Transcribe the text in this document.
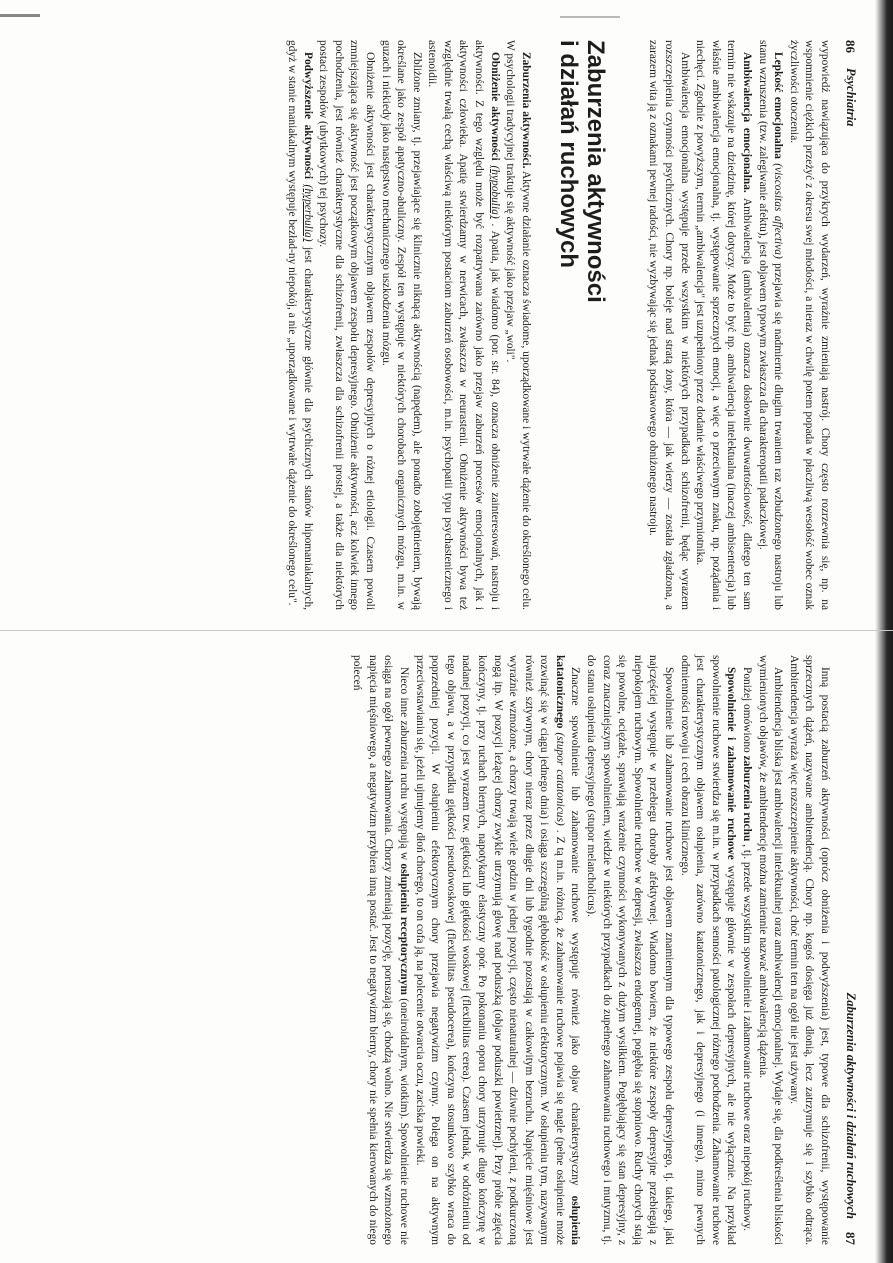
86
Psychiatria

wypowiedź nawiązująca do przykrych wydarzeń, wyraźnie zmieniają nastrój. Chory często rozrzewnia się, np. na wspomnienie ciężkich przeżyć z okresu swej młodości, a nieraz w chwilę potem popada w płaczliwą wesołość wobec oznak życzliwości otoczenia.

Lepkość emocjonalna (viscositas affectiva) przejawia się nadmiernie długim trwaniem raz wzbudzonego nastroju lub stanu wzruszenia (tzw. zalegiwanie afektu), jest objawem typowym zwłaszcza dla charakteropatii padaczkowej.

Ambiwalencja emocjonalna. Ambiwalencja (ambivalentia) oznacza dosłownie dwuwartościowość, dlatego ten sam termin nie wskazuje na dziedzinę, której dotyczy. Może to być np. ambiwalencja intelektualna (inaczej ambisentencja) lub właśnie ambiwalencja emocjonalna, tj. występowanie sprzecznych emocji, a więc o przeciwnym znaku, np. pożądania i niechęci. Zgodnie z powyższym, termin „ambiwalencja" jest uzupełniony przez dodanie właściwego przymiotnika.

Ambiwalencja emocjonalna występuje przede wszystkim w niektórych przypadkach schizofrenii, będąc wyrazem rozszczepienia czynności psychicznych. Chory np. bolejе nad stratą żony, która — jak wierzy — została zgładzona, a zarazem wita ją z oznakami pewnej radości, nie wyzbywając się jednak podstawowego obniżonego nastroju.

Zaburzenia aktywności
i działań ruchowych

Zaburzenia aktywności. Aktywne działanie oznacza świadome, uporządkowane i wytrwałe dążenie do określonego celu. W psychologii tradycyjnej traktuje się aktywność jako przejaw „woli".

Obniżenie aktywności (hypobulia) . Apatia, jak wiadomo (por. str. 84), oznacza obniżenie zainteresowań, nastroju i aktywności. Z tego względu może być rozpatrywana zarówno jako przejaw zaburzeń procesów emocjonalnych, jak i aktywności człowieka. Apatię stwierdzamy w nerwicach, zwłaszcza w neurastenii. Obniżenie aktywności bywa też względnie trwałą cechą właściwą niektórym postaciom zaburzeń osobowości, m.in. psychopatii typu psychastenicznego i astenoidii.

Zbliżone zmiany, tj. przejawiające się klinicznie niknącą aktywnością (napędem), ale ponadto zobojętnieniem, bywają określane jako zespół apatyczno-abuliczny. Zespół ten występuje w niektórych chorobach organicznych mózgu, m.in. w guzach i niekiedy jako następstwo mechanicznego uszkodzenia mózgu.

Obniżenie aktywności jest charakterystycznym objawem zespołów depresyjnych o różnej etiologii. Czasem powoli zmniejszająca się aktywność jest początkowym objawem zespołu depresyjnego. Obniżenie aktywności, acz kolwiek innego pochodzenia, jest również charakterystyczne dla schizofrenii, zwłaszcza dla schizofrenii prostej, a także dla niektórych postaci zespołów (ubytkowych) tej psychozy.

Podwyższenie aktywności (hyperbulia) jest charakterystyczne głównie dla psychicznych stanów hipomaniakalnych, gdyż w stanie maniakalnym występuje bezład-ny niepokój, a nie „uporządkowane i wytrwałe dążenie do określonego celu".

Zaburzenia aktywności i działań ruchowych
87

Inną postacią zaburzeń aktywności (oprócz obniżenia i podwyższenia) jest, typowe dla schizofrenii, występowanie sprzecznych dążeń, nazywane ambitendencją. Chory np. kogoś dosięga już dłonią, lecz zatrzymuje się i szybko odtrąca. Ambitendencja wyraża więc rozszczepienie aktywności, choć termin ten na ogół nie jest używany.

Ambitendencja bliska jest ambiwalencji intelektualnej oraz ambiwalencji emocjonalnej. Wydaje się, dla podkreślenia bliskości wymienionych objawów, że ambitendencję można zamiennie nazwać ambiwalencją dążenia.

Poniżej omówiono zaburzenia ruchu , tj. przede wszystkim spowolnienie i zahamowanie ruchowe oraz niepokój ruchowy.

Spowolnienie i zahamowanie ruchowe występuje głównie w zespołach depresyjnych, ale nie wyłącznie. Na przykład spowolnienie ruchowe stwierdza się m.in. w przypadkach senności patologicznej różnego pochodzenia. Zahamowanie ruchowe jest charakterystycznym objawem osłupienia, zarówno katatonicznego, jak i depresyjnego (i innego), mimo pewnych odmienności rozwoju i cech obrazu klinicznego.

Spowolnienie lub zahamowanie ruchowe jest objawem znamiennym dla typowego zespołu depresyjnego, tj. takiego, jaki najczęściej występuje w przebiegu choroby afektywnej. Wiadomo bowiem, że niektóre zespoły depresyjne przebiegają z niepokojem ruchowym. Spowolnienie ruchowe w depresji, zwłaszcza endogennej, pogłębia się stopniowo. Ruchy chorych stają się powolne, ociężałe, sprawiają wrażenie czynności wykonywanych z dużym wysiłkiem. Pogłębiający się stan depresyjny, z coraz znaczniejszym spowolnieniem, wiedzie w niektórych przypadkach do zupełnego zahamowania ruchowego i mutyzmu, tj. do stanu osłupienia depresyjnego (stupor melancholicus).

Znaczne spowolnienie lub zahamowanie ruchowe występuje również jako objaw charakterystyczny osłupienia katatonicznego (stupor catatonicus) . Z tą m.in. różnicą, że zahamowanie ruchowe pojawia się nagle (pełne osłupienie może rozwinąć się w ciągu jednego dnia) i osiąga szczególną głębokość w osłupieniu efektorycznym. W osłupieniu tym, nazywanym również sztywnym, chory nieraz przez długie dni lub tygodnie pozostają w całkowitym bezruchu. Napięcie mięśniowe jest wyraźnie wzmożone, a chorzy trwają wiele godzin w jednej pozycji, często nienaturalnej — dziwnie pochyleni, z podkurczoną nogą itp. W pozycji leżącej chorzy zwykle utrzymują głowę nad poduszką (objaw poduszki powietrznej). Przy próbie zgięcia kończyny, tj. przy ruchach biernych, napotykamy elastyczny opór. Po pokonaniu oporu chory utrzymuje długo kończynę w nadanej pozycji, co jest wyrazem tzw. giętkości lub giętkości woskowej (flexibilitas cerea). Czasem jednak, w odróżnieniu od tego objawu, a w przypadku giętkości pseudowoskowej (flexibilitas pseudocerea), kończyna stosunkowo szybko wraca do poprzedniej pozycji. W osłupieniu efektorycznym chory przejawia negatywizm czynny. Polega on na aktywnym przeciwstawianiu się, jeżeli ujmujemy dłoń chorego, to on cofa ją, na polecenie otwarcia oczu, zaciska powieki.

Nieco inne zaburzenia ruchu występują w osłupieniu receptorycznym (oneiroidalnym, wiotkim). Spowolnienie ruchowe nie osiąga na ogół pewnego zahamowania. Chorzy zmieniają pozycję, poruszają się, chodzą wolno. Nie stwierdza się wzmożonego napięcia mięśniowego, a negatywizm przybiera inną postać. Jest to negatywizm bierny, chory nie spełnia kierowanych do niego poleceń
